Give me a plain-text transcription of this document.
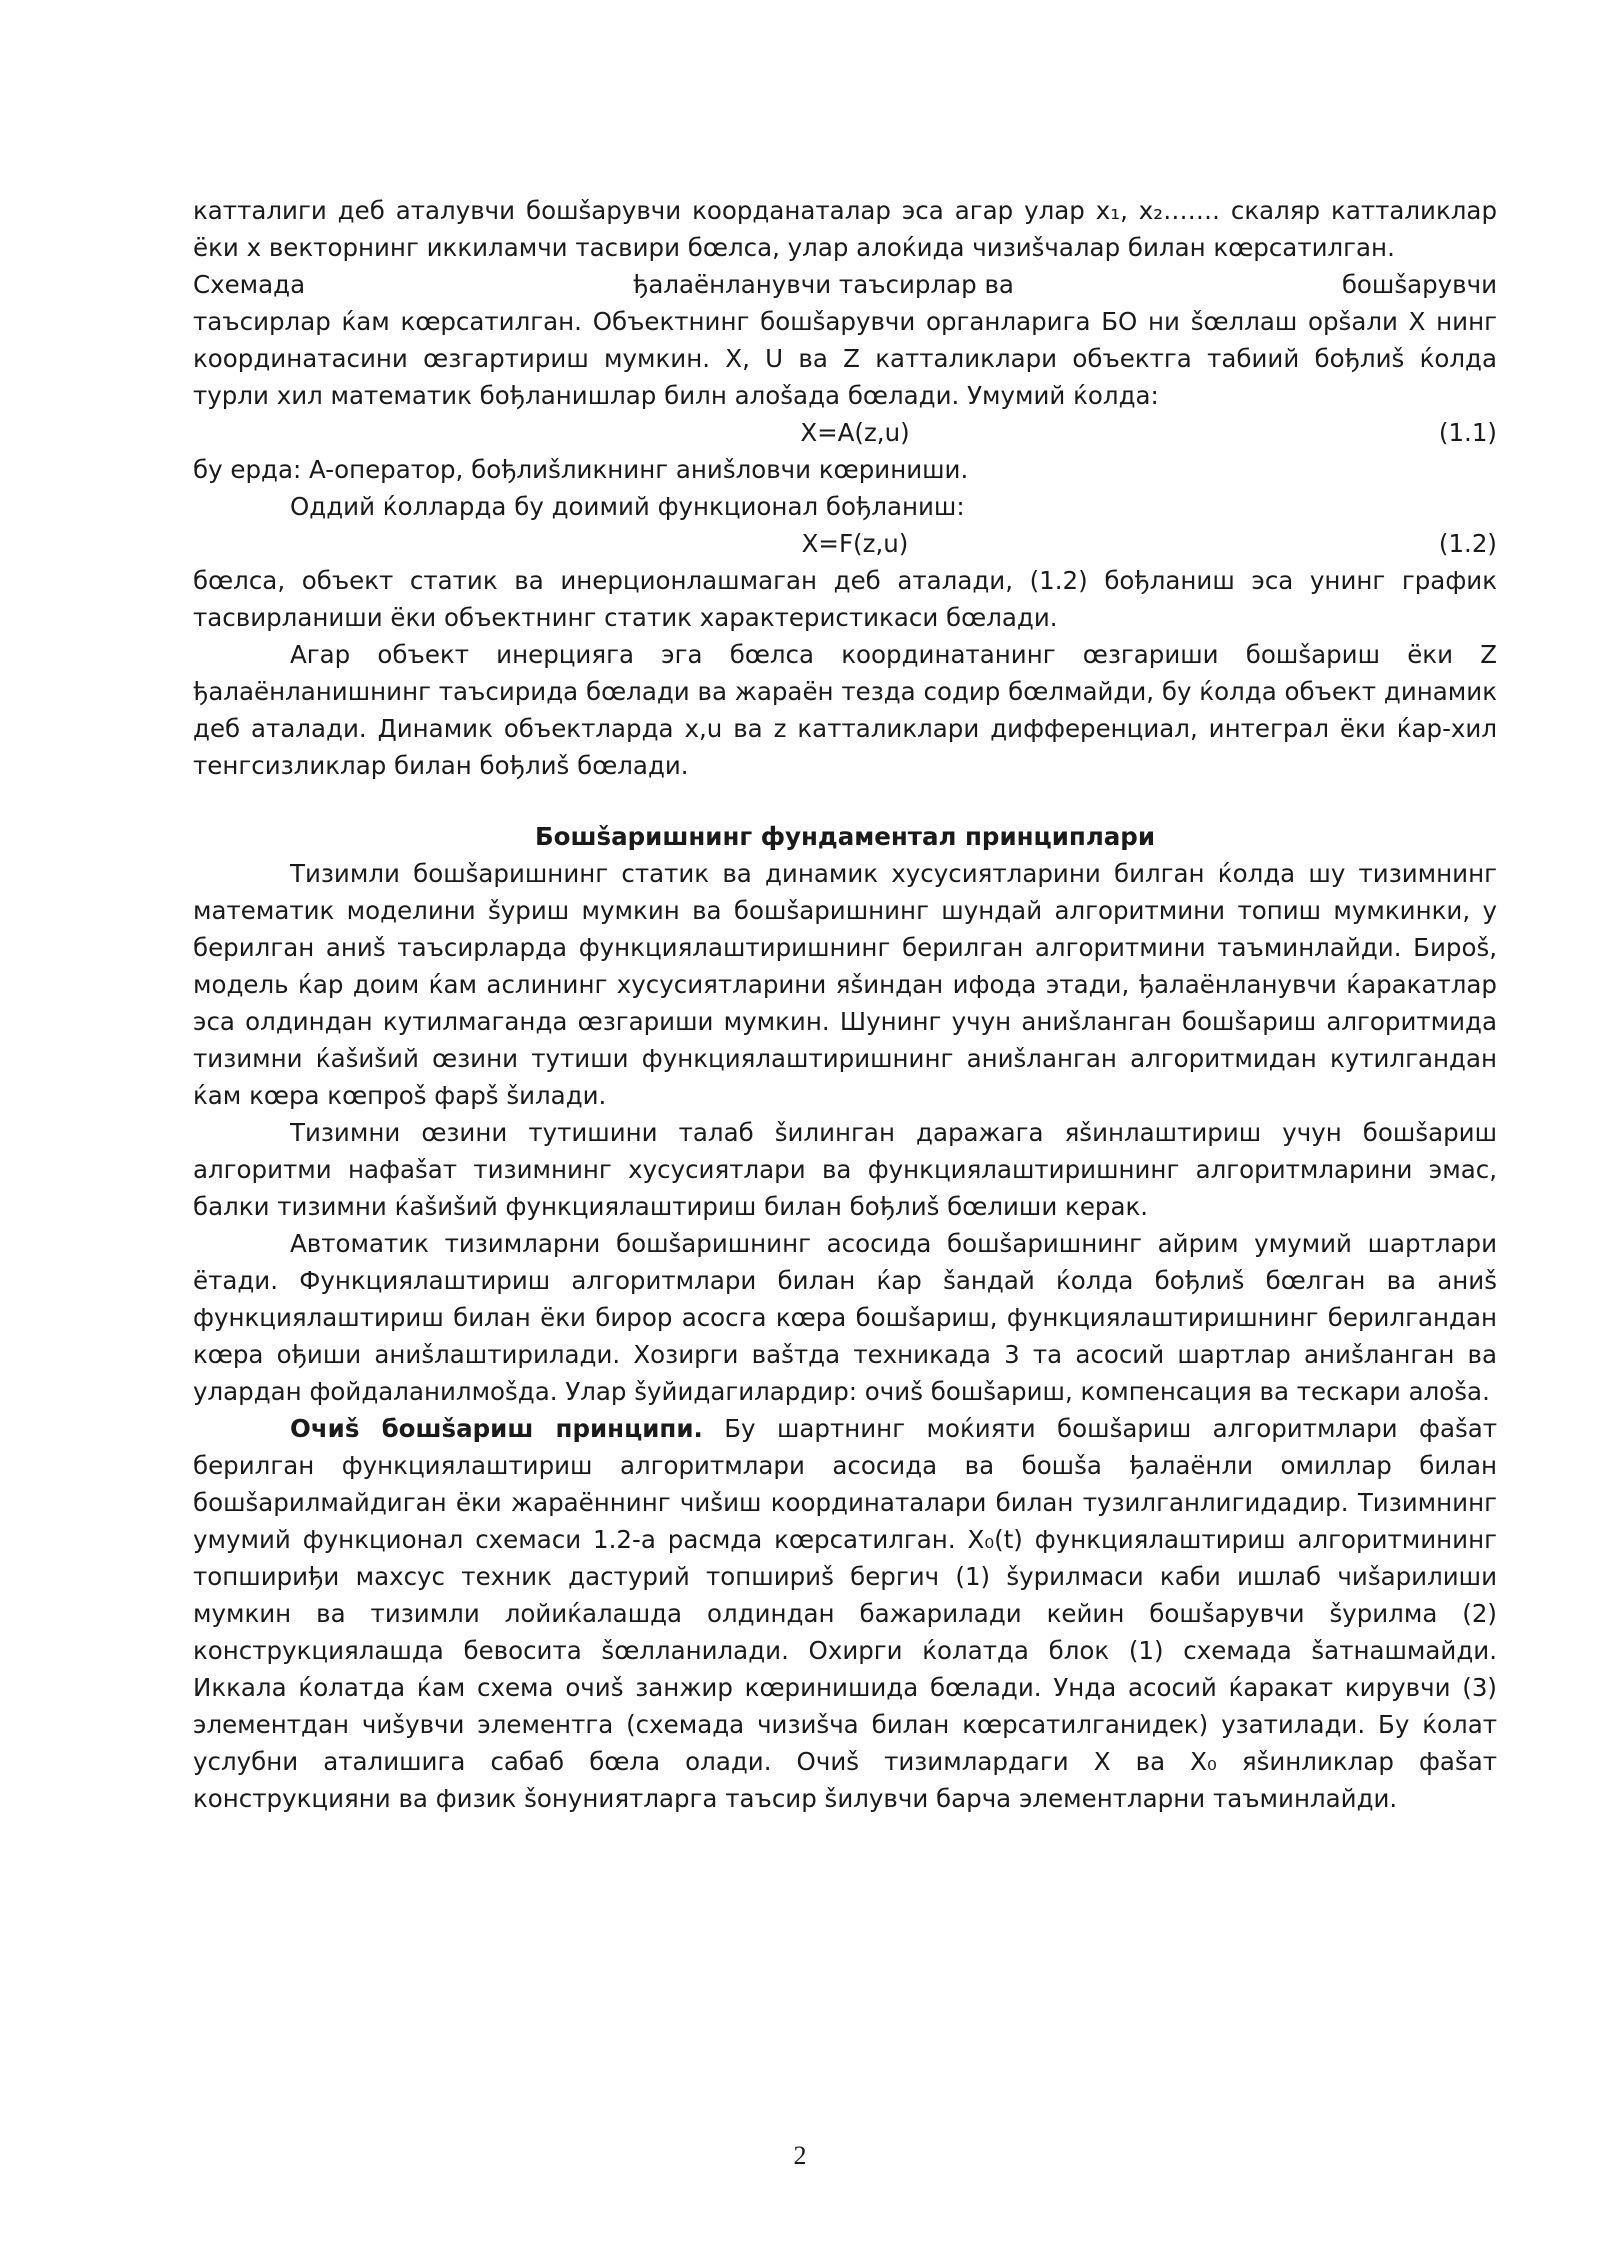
катталиги деб аталувчи бошšарувчи коордaнаталар эса агар улар x₁, x₂……. скаляр катталиклар ёки x векторнинг иккиламчи тасвири бœлса, улар алоќида чизиšчалар билан кœрсатилган.

Схемада	ђалаёнланувчи таъсирлар ва	бошšарувчи

таъсирлар ќам кœрсатилган. Объектнинг бошšарувчи органларига БО ни šœллаш орšали X нинг координатасини œзгартириш мумкин. X, U ва Z катталиклари объектга табиий бођлиš ќолда турли хил математик бођланишлар билн алоšада бœлади. Умумий ќолда:

X=A(z,u)	(1.1)

бу ерда: A-оператор, бођлиšликнинг аниšловчи кœриниши.

Оддий ќолларда бу доимий функционал бођланиш:

X=F(z,u)	(1.2)

бœлса, объект статик ва инерционлашмаган деб аталади, (1.2) бођланиш эса унинг график тасвирланиши ёки объектнинг статик характеристикаси бœлади.

Агар объект инерцияга эга бœлса координатанинг œзгариши бошšариш ёки Z ђалаёнланишнинг таъсирида бœлади ва жараён тезда содир бœлмайди, бу ќолда объект динамик деб аталади. Динамик объектларда x,u ва z катталиклари дифференциал, интеграл ёки ќар-хил тенгсизликлар билан бођлиš бœлади.

Бошšаришнинг фундаментал принциплари

Тизимли бошšаришнинг статик ва динамик хусусиятларини билган ќолда шу тизимнинг математик моделини šуриш мумкин ва бошšаришнинг шундай алгоритмини топиш мумкинки, у берилган аниš таъсирларда функциялаштиришнинг берилган алгоритмини таъминлайди. Бироš, модель ќар доим ќам аслининг хусусиятларини яšиндан ифода этади, ђалаёнланувчи ќаракатлар эса олдиндан кутилмаганда œзгариши мумкин. Шунинг учун аниšланган бошšариш алгоритмида тизимни ќаšиšий œзини тутиши функциялаштиришнинг аниšланган алгоритмидан кутилгандан ќам кœра кœпроš фарš šилади.

Тизимни œзини тутишини талаб šилинган даражага яšинлаштириш учун бошšариш алгоритми нафаšат тизимнинг хусусиятлари ва функциялаштиришнинг алгоритмларини эмас, балки тизимни ќаšиšий функциялаштириш билан бођлиš бœлиши керак.

Автоматик тизимларни бошšаришнинг асосида бошšаришнинг айрим умумий шартлари ётади. Функциялаштириш алгоритмлари билан ќар šандай ќолда бођлиš бœлган ва аниš функциялаштириш билан ёки бирор асосга кœра бошšариш, функциялаштиришнинг берилгандан кœра ођиши аниšлаштирилади. Хозирги ваšтда техникада 3 та асосий шартлар аниšланган ва улардан фойдаланилмоšда. Улар šуйидагилардир: очиš бошšариш, компенсация ва тескари алоšа.

Очиš бошšариш принципи. Бу шартнинг моќияти бошšариш алгоритмлари фаšат берилган функциялаштириш алгоритмлари асосида ва бошšа ђалаёнли омиллар билан бошšарилмайдиган ёки жараённинг чиšиш координаталари билан тузилганлигидадир. Тизимнинг умумий функционал схемаси 1.2-а расмда кœрсатилган. X₀(t) функциялаштириш алгоритмининг топшириђи махсус техник дастурий топшириš бергич (1) šурилмаси каби ишлаб чиšарилиши мумкин ва тизимли лойиќалашда олдиндан бажарилади кейин бошšарувчи šурилма (2) конструкциялашда бевосита šœлланилади. Охирги ќолатда блок (1) схемада šатнашмайди. Иккала ќолатда ќам схема очиš занжир кœринишида бœлади. Унда асосий ќаракат кирувчи (3) элементдан чиšувчи элементга (схемада чизиšча билан кœрсатилганидек) узатилади. Бу ќолат услубни аталишига сабаб бœла олади. Очиš тизимлардаги X ва X₀ яšинликлар фаšат конструкцияни ва физик šонуниятларга таъсир šилувчи барча элементларни таъминлайди.

2
